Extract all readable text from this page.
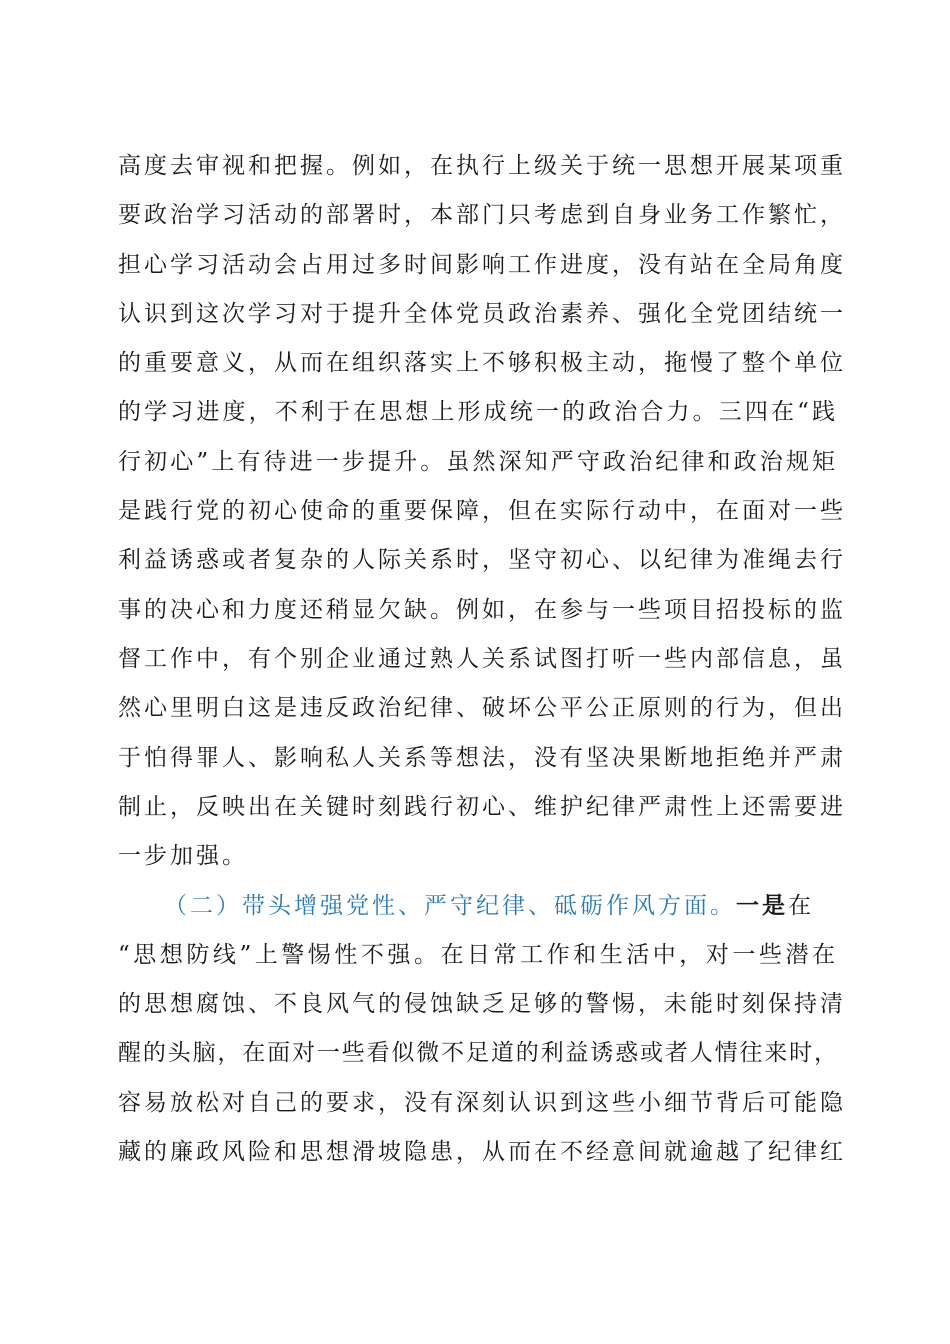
高度去审视和把握。例如，在执行上级关于统一思想开展某项重
要政治学习活动的部署时，本部门只考虑到自身业务工作繁忙，
担心学习活动会占用过多时间影响工作进度，没有站在全局角度
认识到这次学习对于提升全体党员政治素养、强化全党团结统一
的重要意义，从而在组织落实上不够积极主动，拖慢了整个单位
的学习进度，不利于在思想上形成统一的政治合力。三四在“践
行初心”上有待进一步提升。虽然深知严守政治纪律和政治规矩
是践行党的初心使命的重要保障，但在实际行动中，在面对一些
利益诱惑或者复杂的人际关系时，坚守初心、以纪律为准绳去行
事的决心和力度还稍显欠缺。例如，在参与一些项目招投标的监
督工作中，有个别企业通过熟人关系试图打听一些内部信息，虽
然心里明白这是违反政治纪律、破坏公平公正原则的行为，但出
于怕得罪人、影响私人关系等想法，没有坚决果断地拒绝并严肃
制止，反映出在关键时刻践行初心、维护纪律严肃性上还需要进
一步加强。
（二）带头增强党性、严守纪律、砥砺作风方面。一是在
“思想防线”上警惕性不强。在日常工作和生活中，对一些潜在
的思想腐蚀、不良风气的侵蚀缺乏足够的警惕，未能时刻保持清
醒的头脑，在面对一些看似微不足道的利益诱惑或者人情往来时，
容易放松对自己的要求，没有深刻认识到这些小细节背后可能隐
藏的廉政风险和思想滑坡隐患，从而在不经意间就逾越了纪律红
